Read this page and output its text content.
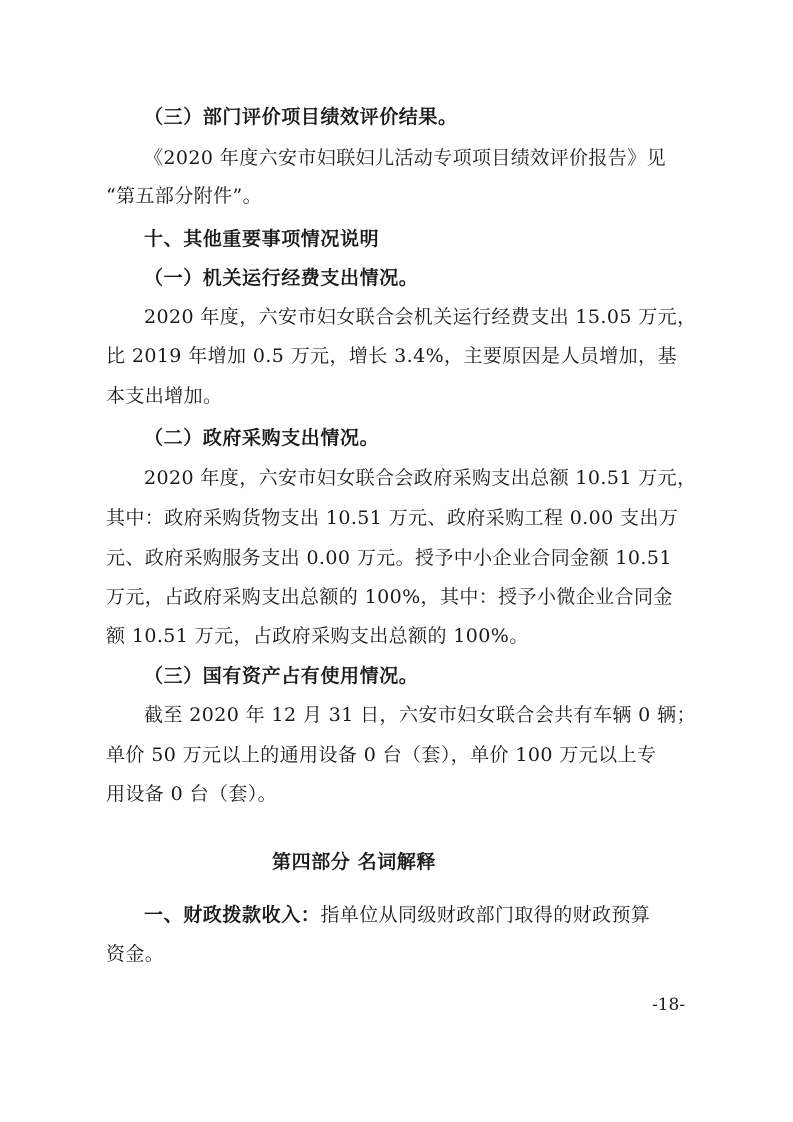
（三）部门评价项目绩效评价结果。
《2020 年度六安市妇联妇儿活动专项项目绩效评价报告》见
“第五部分附件”。
十、其他重要事项情况说明
（一）机关运行经费支出情况。
2020 年度，六安市妇女联合会机关运行经费支出 15.05 万元，
比 2019 年增加 0.5 万元，增长 3.4%，主要原因是人员增加，基
本支出增加。
（二）政府采购支出情况。
2020 年度，六安市妇女联合会政府采购支出总额 10.51 万元，
其中：政府采购货物支出 10.51 万元、政府采购工程 0.00 支出万
元、政府采购服务支出 0.00 万元。授予中小企业合同金额 10.51
万元，占政府采购支出总额的 100%，其中：授予小微企业合同金
额 10.51 万元，占政府采购支出总额的 100%。
（三）国有资产占有使用情况。
截至 2020 年 12 月 31 日，六安市妇女联合会共有车辆 0 辆；
单价 50 万元以上的通用设备 0 台（套），单价 100 万元以上专
用设备 0 台（套）。
第四部分 名词解释
一、财政拨款收入：指单位从同级财政部门取得的财政预算
资金。
-18-
